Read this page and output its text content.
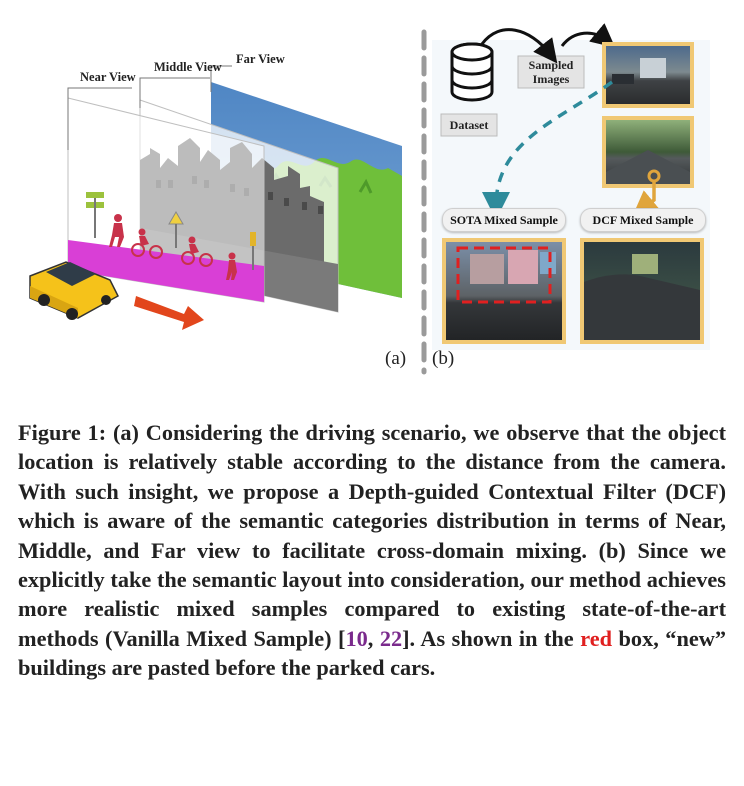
Near View
Middle View
Far View
Dataset
Sampled
Images
SOTA Mixed Sample	DCF Mixed Sample
(a) (b)
Figure 1: (a) Considering the driving scenario, we observe that the object location is relatively stable according to the distance from the camera. With such insight, we propose a Depth-guided Contextual Filter (DCF) which is aware of the semantic categories distribution in terms of Near, Middle, and Far view to facilitate cross-domain mixing. (b) Since we explicitly take the semantic layout into consideration, our method achieves more realistic mixed samples compared to existing state-of-the-art methods (Vanilla Mixed Sample) [10, 22]. As shown in the red box, “new” buildings are pasted before the parked cars.
